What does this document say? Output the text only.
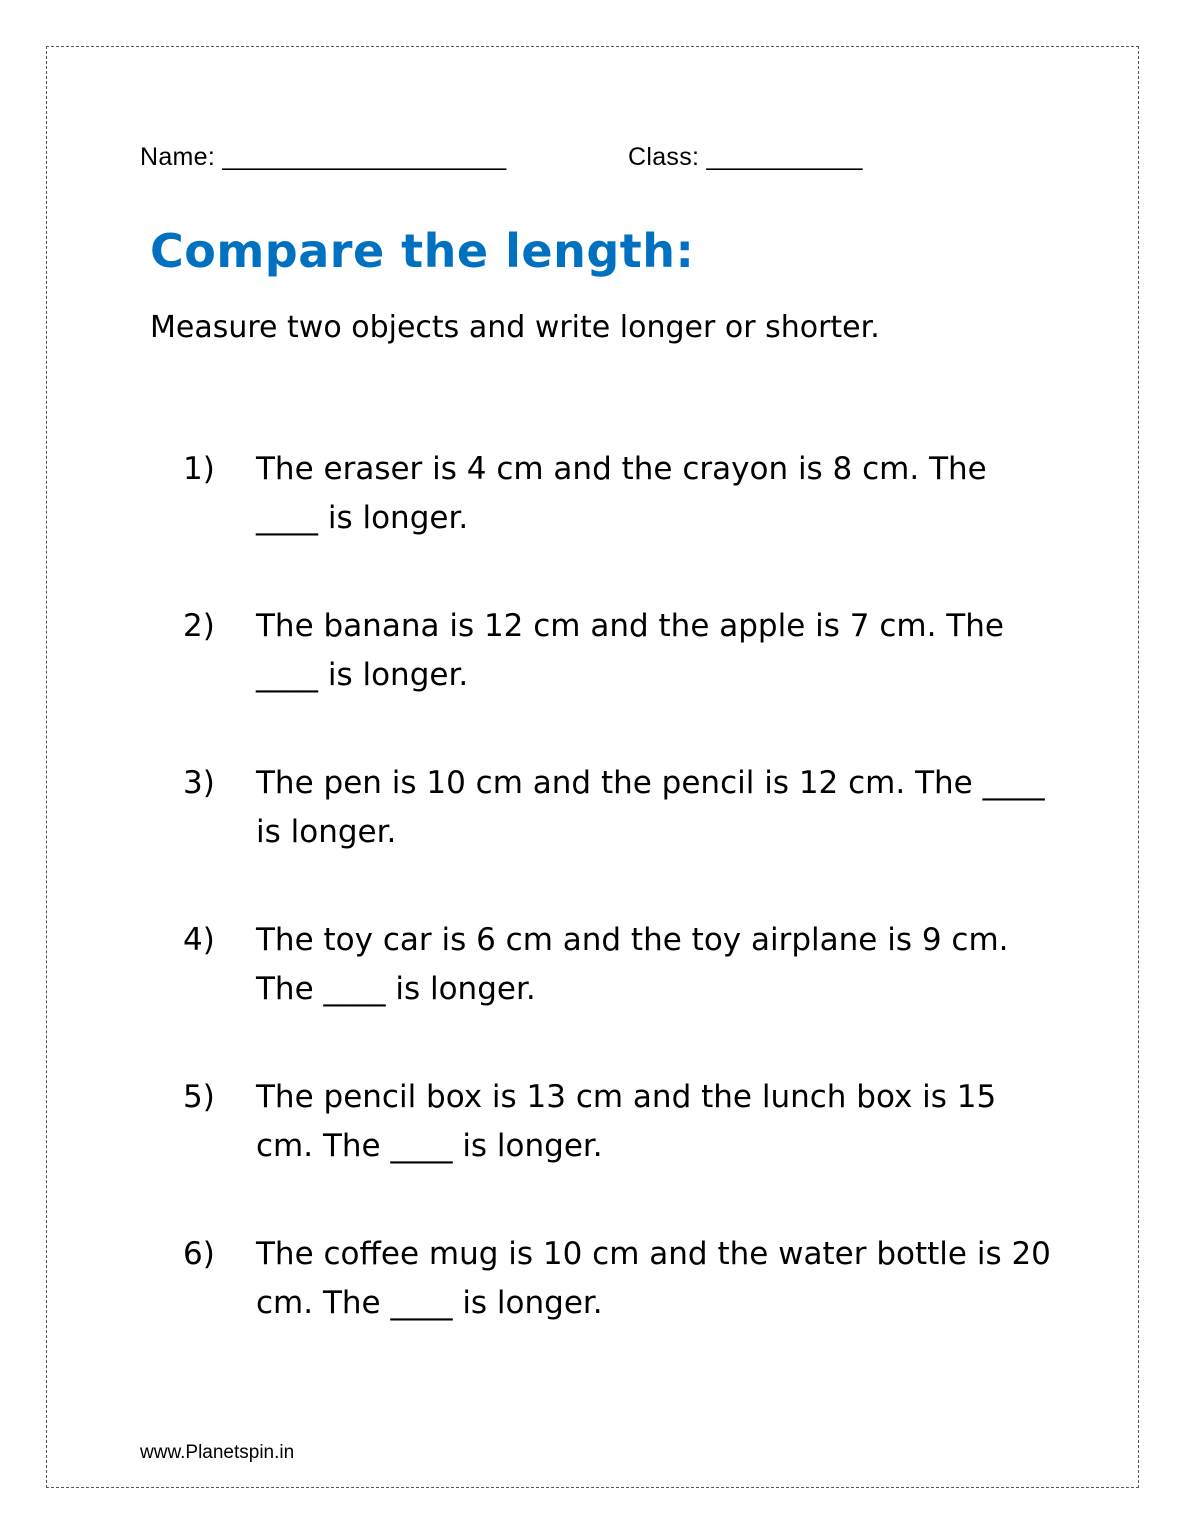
Name: ____________________	Class: ___________
Compare the length:
Measure two objects and write longer or shorter.
1) The eraser is 4 cm and the crayon is 8 cm. The ____ is longer.
2) The banana is 12 cm and the apple is 7 cm. The ____ is longer.
3) The pen is 10 cm and the pencil is 12 cm. The ____ is longer.
4) The toy car is 6 cm and the toy airplane is 9 cm. The ____ is longer.
5) The pencil box is 13 cm and the lunch box is 15 cm. The ____ is longer.
6) The coffee mug is 10 cm and the water bottle is 20 cm. The ____ is longer.
www.Planetspin.in
